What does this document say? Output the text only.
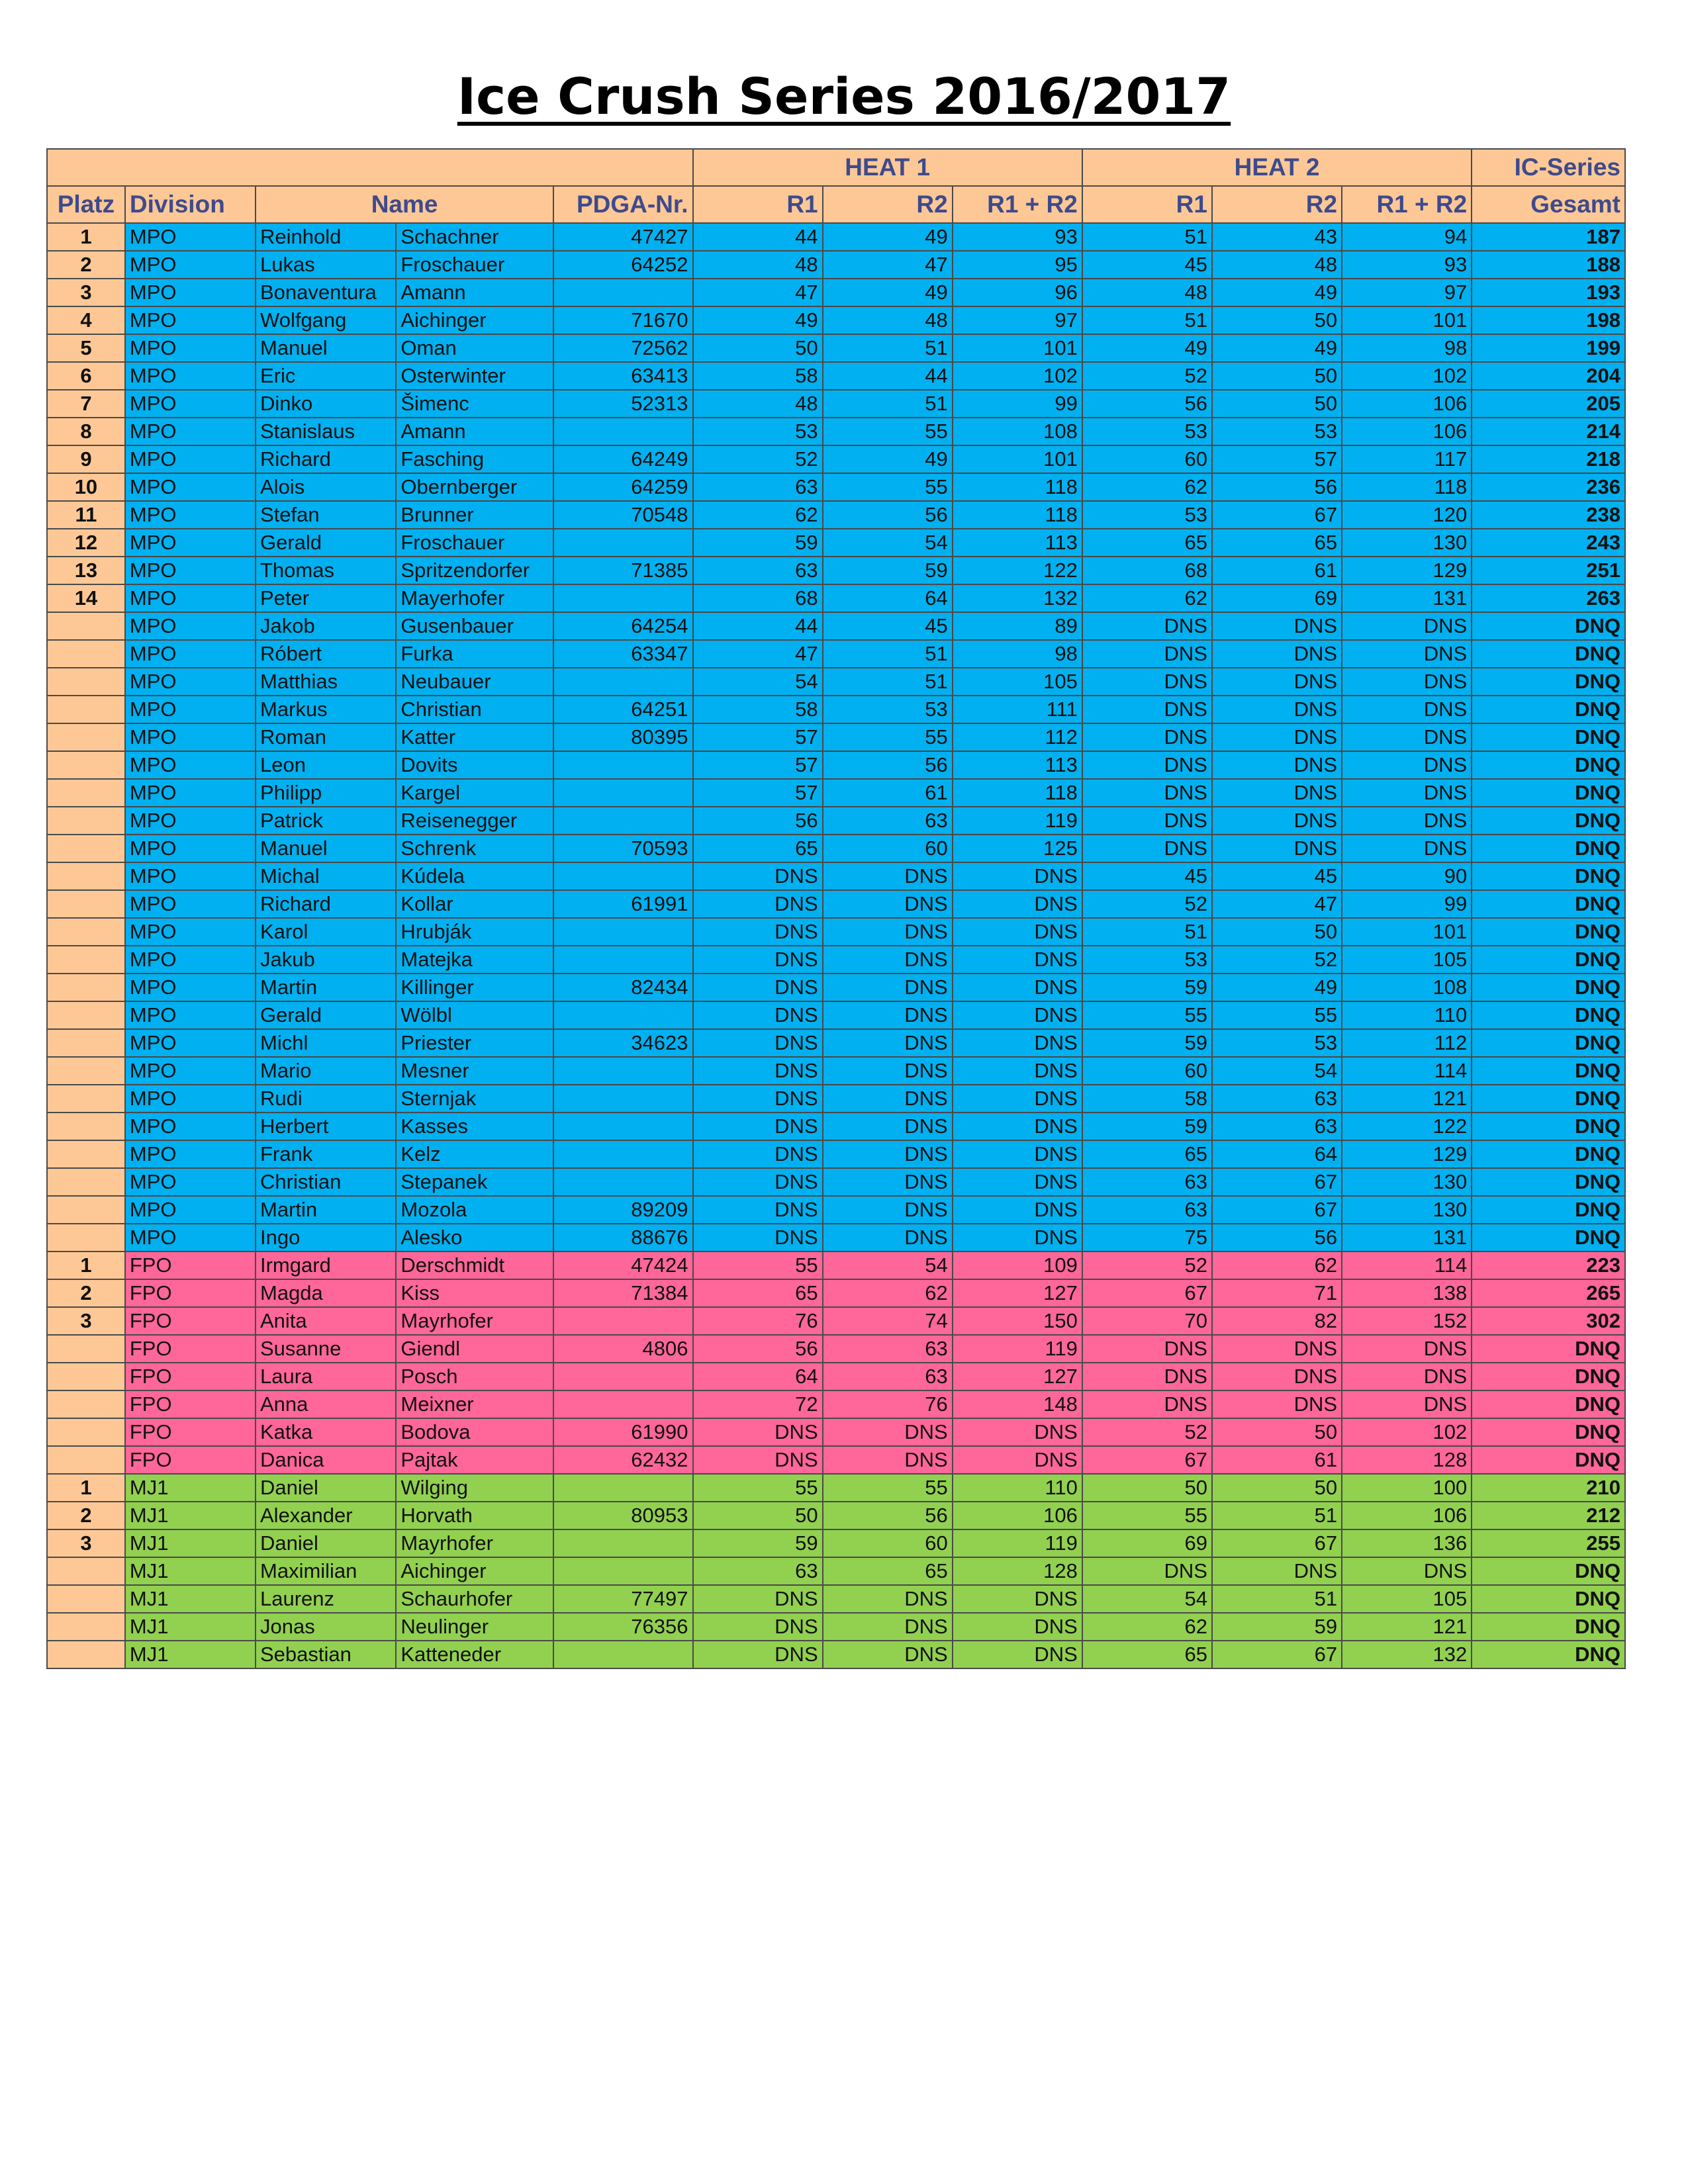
Ice Crush Series 2016/2017
					HEAT 1			HEAT 2			IC-Series
Platz	Division	Name		PDGA-Nr.	R1	R2	R1 + R2	R1	R2	R1 + R2	Gesamt
1	MPO	Reinhold	Schachner	47427	44	49	93	51	43	94	187
2	MPO	Lukas	Froschauer	64252	48	47	95	45	48	93	188
3	MPO	Bonaventura	Amann		47	49	96	48	49	97	193
4	MPO	Wolfgang	Aichinger	71670	49	48	97	51	50	101	198
5	MPO	Manuel	Oman	72562	50	51	101	49	49	98	199
6	MPO	Eric	Osterwinter	63413	58	44	102	52	50	102	204
7	MPO	Dinko	Šimenc	52313	48	51	99	56	50	106	205
8	MPO	Stanislaus	Amann		53	55	108	53	53	106	214
9	MPO	Richard	Fasching	64249	52	49	101	60	57	117	218
10	MPO	Alois	Obernberger	64259	63	55	118	62	56	118	236
11	MPO	Stefan	Brunner	70548	62	56	118	53	67	120	238
12	MPO	Gerald	Froschauer		59	54	113	65	65	130	243
13	MPO	Thomas	Spritzendorfer	71385	63	59	122	68	61	129	251
14	MPO	Peter	Mayerhofer		68	64	132	62	69	131	263
	MPO	Jakob	Gusenbauer	64254	44	45	89	DNS	DNS	DNS	DNQ
	MPO	Róbert	Furka	63347	47	51	98	DNS	DNS	DNS	DNQ
	MPO	Matthias	Neubauer		54	51	105	DNS	DNS	DNS	DNQ
	MPO	Markus	Christian	64251	58	53	111	DNS	DNS	DNS	DNQ
	MPO	Roman	Katter	80395	57	55	112	DNS	DNS	DNS	DNQ
	MPO	Leon	Dovits		57	56	113	DNS	DNS	DNS	DNQ
	MPO	Philipp	Kargel		57	61	118	DNS	DNS	DNS	DNQ
	MPO	Patrick	Reisenegger		56	63	119	DNS	DNS	DNS	DNQ
	MPO	Manuel	Schrenk	70593	65	60	125	DNS	DNS	DNS	DNQ
	MPO	Michal	Kúdela		DNS	DNS	DNS	45	45	90	DNQ
	MPO	Richard	Kollar	61991	DNS	DNS	DNS	52	47	99	DNQ
	MPO	Karol	Hrubják		DNS	DNS	DNS	51	50	101	DNQ
	MPO	Jakub	Matejka		DNS	DNS	DNS	53	52	105	DNQ
	MPO	Martin	Killinger	82434	DNS	DNS	DNS	59	49	108	DNQ
	MPO	Gerald	Wölbl		DNS	DNS	DNS	55	55	110	DNQ
	MPO	Michl	Priester	34623	DNS	DNS	DNS	59	53	112	DNQ
	MPO	Mario	Mesner		DNS	DNS	DNS	60	54	114	DNQ
	MPO	Rudi	Sternjak		DNS	DNS	DNS	58	63	121	DNQ
	MPO	Herbert	Kasses		DNS	DNS	DNS	59	63	122	DNQ
	MPO	Frank	Kelz		DNS	DNS	DNS	65	64	129	DNQ
	MPO	Christian	Stepanek		DNS	DNS	DNS	63	67	130	DNQ
	MPO	Martin	Mozola	89209	DNS	DNS	DNS	63	67	130	DNQ
	MPO	Ingo	Alesko	88676	DNS	DNS	DNS	75	56	131	DNQ
1	FPO	Irmgard	Derschmidt	47424	55	54	109	52	62	114	223
2	FPO	Magda	Kiss	71384	65	62	127	67	71	138	265
3	FPO	Anita	Mayrhofer		76	74	150	70	82	152	302
	FPO	Susanne	Giendl	4806	56	63	119	DNS	DNS	DNS	DNQ
	FPO	Laura	Posch		64	63	127	DNS	DNS	DNS	DNQ
	FPO	Anna	Meixner		72	76	148	DNS	DNS	DNS	DNQ
	FPO	Katka	Bodova	61990	DNS	DNS	DNS	52	50	102	DNQ
	FPO	Danica	Pajtak	62432	DNS	DNS	DNS	67	61	128	DNQ
1	MJ1	Daniel	Wilging		55	55	110	50	50	100	210
2	MJ1	Alexander	Horvath	80953	50	56	106	55	51	106	212
3	MJ1	Daniel	Mayrhofer		59	60	119	69	67	136	255
	MJ1	Maximilian	Aichinger		63	65	128	DNS	DNS	DNS	DNQ
	MJ1	Laurenz	Schaurhofer	77497	DNS	DNS	DNS	54	51	105	DNQ
	MJ1	Jonas	Neulinger	76356	DNS	DNS	DNS	62	59	121	DNQ
	MJ1	Sebastian	Katteneder		DNS	DNS	DNS	65	67	132	DNQ
